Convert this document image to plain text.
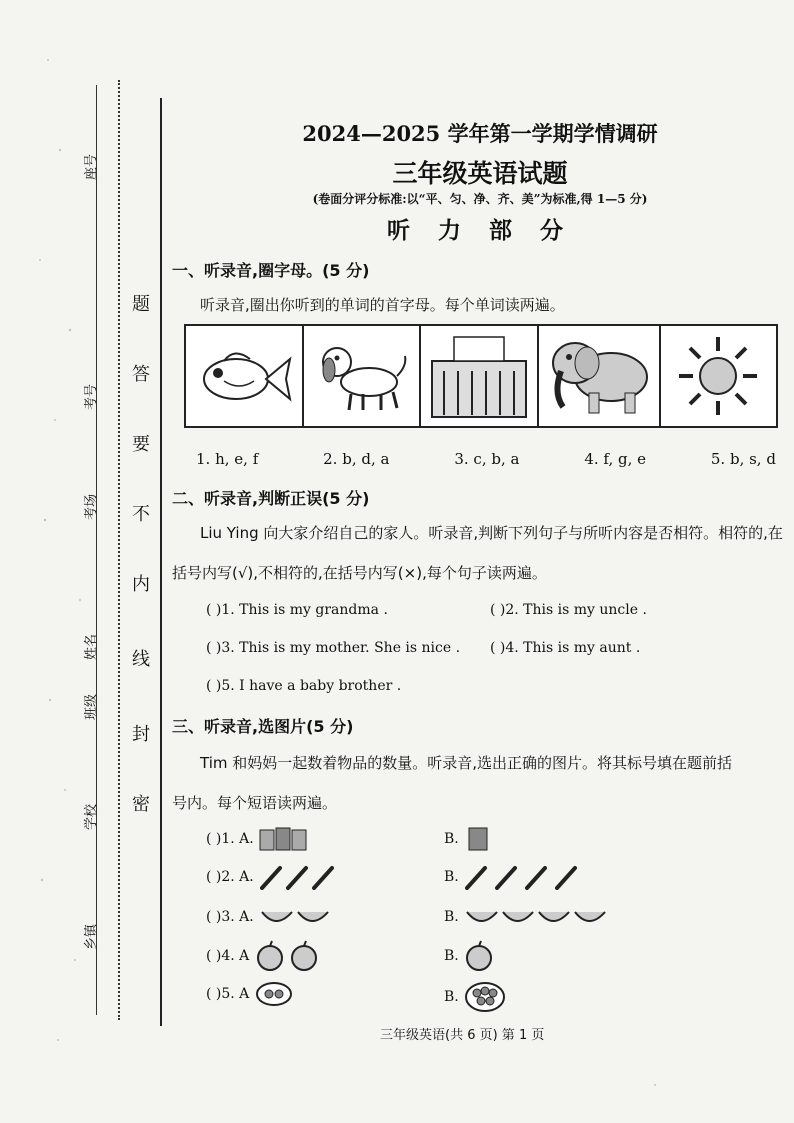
题
答
要
不
内
线
封
密
座号
考号
考场
班级
姓名
学校
乡镇
2024—2025 学年第一学期学情调研
三年级英语试题
(卷面分评分标准:以“平、匀、净、齐、美”为标准,得 1—5 分)
听 力 部 分
一、听录音,圈字母。(5 分)
听录音,圈出你听到的单词的首字母。每个单词读两遍。
1. h, e, f	2. b, d, a	3. c, b, a	4. f, g, e	5. b, s, d
二、听录音,判断正误(5 分)
Liu Ying 向大家介绍自己的家人。听录音,判断下列句子与所听内容是否相符。相符的,在
括号内写(√),不相符的,在括号内写(×),每个句子读两遍。
( )1. This is my grandma .	( )2. This is my uncle .
( )3. This is my mother. She is nice . ( )4. This is my aunt .
( )5. I have a baby brother .
三、听录音,选图片(5 分)
Tim 和妈妈一起数着物品的数量。听录音,选出正确的图片。将其标号填在题前括
号内。每个短语读两遍。
( )1. A.	B.
( )2. A.	B.
( )3. A.	B.
( )4. A	B.
( )5. A	B.
三年级英语(共 6 页) 第 1 页
